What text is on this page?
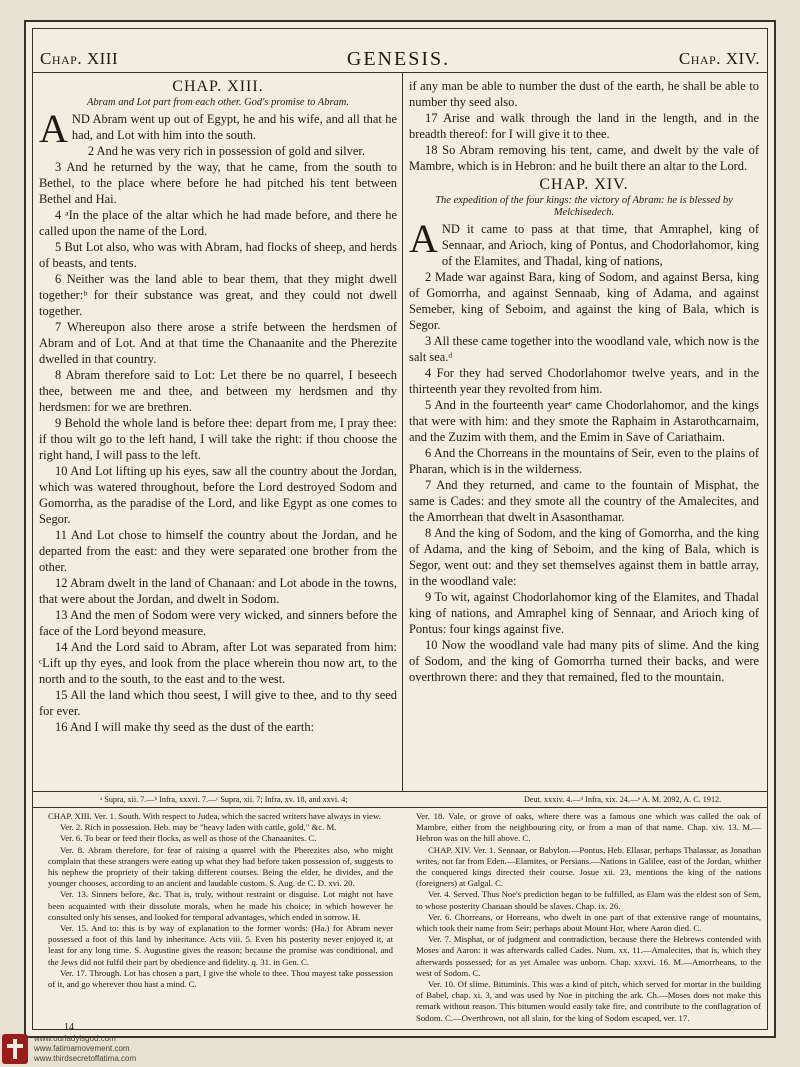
Chap. XIII	GENESIS.	Chap. XIV.

CHAP. XIII.

Abram and Lot part from each other. God's promise to Abram.

AND Abram went up out of Egypt, he and his wife, and all that he had, and Lot with him into the south.

2 And he was very rich in possession of gold and silver.

3 And he returned by the way, that he came, from the south to Bethel, to the place where before he had pitched his tent between Bethel and Hai.

4 ᵃIn the place of the altar which he had made before, and there he called upon the name of the Lord.

5 But Lot also, who was with Abram, had flocks of sheep, and herds of beasts, and tents.

6 Neither was the land able to bear them, that they might dwell together:ᵇ for their substance was great, and they could not dwell together.

7 Whereupon also there arose a strife between the herdsmen of Abram and of Lot. And at that time the Chanaanite and the Pherezite dwelled in that country.

8 Abram therefore said to Lot: Let there be no quarrel, I beseech thee, between me and thee, and between my herdsmen and thy herdsmen: for we are brethren.

9 Behold the whole land is before thee: depart from me, I pray thee: if thou wilt go to the left hand, I will take the right: if thou choose the right hand, I will pass to the left.

10 And Lot lifting up his eyes, saw all the country about the Jordan, which was watered throughout, before the Lord destroyed Sodom and Gomorrha, as the paradise of the Lord, and like Egypt as one comes to Segor.

11 And Lot chose to himself the country about the Jordan, and he departed from the east: and they were separated one brother from the other.

12 Abram dwelt in the land of Chanaan: and Lot abode in the towns, that were about the Jordan, and dwelt in Sodom.

13 And the men of Sodom were very wicked, and sinners before the face of the Lord beyond measure.

14 And the Lord said to Abram, after Lot was separated from him: ᶜLift up thy eyes, and look from the place wherein thou now art, to the north and to the south, to the east and to the west.

15 All the land which thou seest, I will give to thee, and to thy seed for ever.

16 And I will make thy seed as the dust of the earth:

if any man be able to number the dust of the earth, he shall be able to number thy seed also.

17 Arise and walk through the land in the length, and in the breadth thereof: for I will give it to thee.

18 So Abram removing his tent, came, and dwelt by the vale of Mambre, which is in Hebron: and he built there an altar to the Lord.

CHAP. XIV.

The expedition of the four kings: the victory of Abram: he is blessed by Melchisedech.

AND it came to pass at that time, that Amraphel, king of Sennaar, and Arioch, king of Pontus, and Chodorlahomor, king of the Elamites, and Thadal, king of nations,

2 Made war against Bara, king of Sodom, and against Bersa, king of Gomorrha, and against Sennaab, king of Adama, and against Semeber, king of Seboim, and against the king of Bala, which is Segor.

3 All these came together into the woodland vale, which now is the salt sea.ᵈ

4 For they had served Chodorlahomor twelve years, and in the thirteenth year they revolted from him.

5 And in the fourteenth yearᵉ came Chodorlahomor, and the kings that were with him: and they smote the Raphaim in Astarothcarnaim, and the Zuzim with them, and the Emim in Save of Cariathaim.

6 And the Chorreans in the mountains of Seir, even to the plains of Pharan, which is in the wilderness.

7 And they returned, and came to the fountain of Misphat, the same is Cades: and they smote all the country of the Amalecites, and the Amorrhean that dwelt in Asasonthamar.

8 And the king of Sodom, and the king of Gomorrha, and the king of Adama, and the king of Seboim, and the king of Bala, which is Segor, went out: and they set themselves against them in battle array, in the woodland vale:

9 To wit, against Chodorlahomor king of the Elamites, and Thadal king of nations, and Amraphel king of Sennaar, and Arioch king of Pontus: four kings against five.

10 Now the woodland vale had many pits of slime. And the king of Sodom, and the king of Gomorrha turned their backs, and were overthrown there: and they that remained, fled to the mountain.

ᵃ Supra, xii. 7.—ᵇ Infra, xxxvi. 7.—ᶜ Supra, xii. 7; Infra, xv. 18, and xxvi. 4;	Deut. xxxiv. 4.—ᵈ Infra, xix. 24.—ᵉ A. M. 2092, A. C. 1912.

CHAP. XIII. Ver. 1. South. With respect to Judea, which the sacred writers have always in view.

Ver. 2. Rich in possession. Heb. may be "heavy laden with cattle, gold," &c. M.

Ver. 6. To bear or feed their flocks, as well as those of the Chanaanites. C.

Ver. 8. Abram therefore, for fear of raising a quarrel with the Pherezites also, who might complain that these strangers were eating up what they had before taken possession of, suggests to his nephew the propriety of their taking different courses. Being the elder, he divides, and the younger chooses, according to an ancient and laudable custom. S. Aug. de C. D. xvi. 20.

Ver. 13. Sinners before, &c. That is, truly, without restraint or disguise. Lot might not have been acquainted with their dissolute morals, when he made his choice; in which however he consulted only his senses, and looked for temporal advantages, which ended in sorrow. H.

Ver. 15. And to: this is by way of explanation to the former words: (Ha.) for Abram never possessed a foot of this land by inheritance. Acts viii. 5. Even his posterity never enjoyed it, at least for any long time. S. Augustine gives the reason; because the promise was conditional, and the Jews did not fulfil their part by obedience and fidelity. q. 31. in Gen. C.

Ver. 17. Through. Lot has chosen a part, I give the whole to thee. Thou mayest take possession of it, and go wherever thou hast a mind. C.

Ver. 18. Vale, or grove of oaks, where there was a famous one which was called the oak of Mambre, either from the neighbouring city, or from a man of that name. Chap. xiv. 13. M.—Hebron was on the hill above. C.

CHAP. XIV. Ver. 1. Sennaar, or Babylon.—Pontus, Heb. Ellasar, perhaps Thalassar, as Jonathan writes, not far from Eden.—Elamites, or Persians.—Nations in Galilee, east of the Jordan, whither the conquered kings directed their course. Josue xii. 23, mentions the king of the nations (foreigners) at Galgal. C.

Ver. 4. Served. Thus Noe's prediction began to be fulfilled, as Elam was the eldest son of Sem, to whose posterity Chanaan should be slaves. Chap. ix. 26.

Ver. 6. Chorreans, or Horreans, who dwelt in one part of that extensive range of mountains, which took their name from Seir; perhaps about Mount Hor, where Aaron died. C.

Ver. 7. Misphat, or of judgment and contradiction, because there the Hebrews contended with Moses and Aaron: it was afterwards called Cades. Num. xx. 11.—Amalecites, that is, which they afterwards possessed; for as yet Amalec was unborn. Chap. xxxvi. 16. M.—Amorrheans, to the west of Sodom. C.

Ver. 10. Of slime. Bituminis. This was a kind of pitch, which served for mortar in the building of Babel, chap. xi. 3, and was used by Noe in pitching the ark. Ch.—Moses does not make this remark without reason. This bitumen would easily take fire, and contribute to the conflagration of Sodom. C.—Overthrown, not all slain, for the king of Sodom escaped, ver. 17.

14
www.ourladyisgod.com
www.fatimamovement.com
www.thirdsecretoffatima.com
